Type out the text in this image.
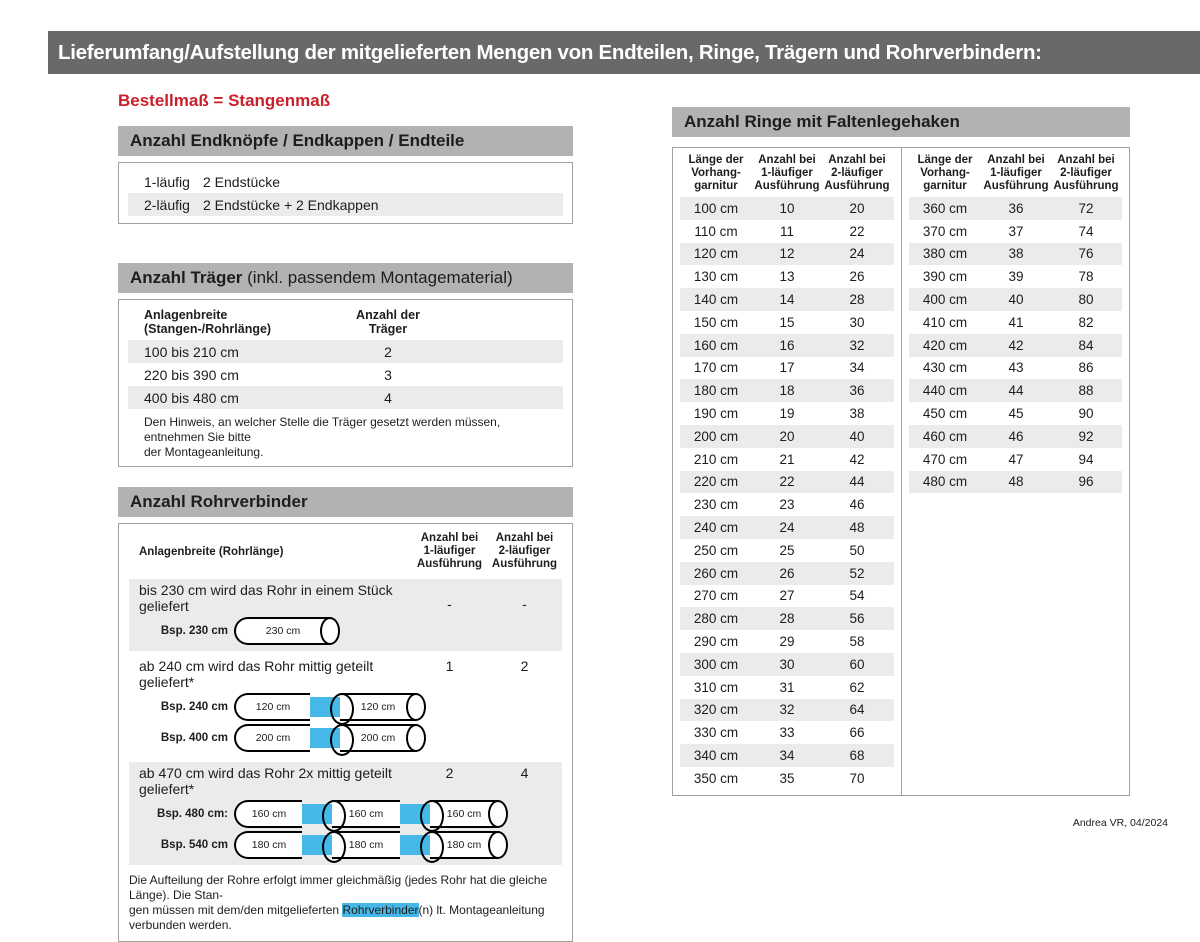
Lieferumfang/Aufstellung der mitgelieferten Mengen von Endteilen, Ringe, Trägern und Rohrverbindern:
Bestellmaß = Stangenmaß
Anzahl Endknöpfe / Endkappen / Endteile
1-läufig 2 Endstücke
2-läufig 2 Endstücke + 2 Endkappen
Anzahl Träger (inkl. passendem Montagematerial)
Anlagenbreite (Stangen-/Rohrlänge)
Anzahl der Träger
100 bis 210 cm	2
220 bis 390 cm	3
400 bis 480 cm	4
Den Hinweis, an welcher Stelle die Träger gesetzt werden müssen, entnehmen Sie bitte
der Montageanleitung.
Anzahl Rohrverbinder
Anlagenbreite (Rohrlänge)
Anzahl bei
1-läufiger
Ausführung
Anzahl bei
2-läufiger
Ausführung
bis 230 cm wird das Rohr in einem Stück geliefert	-	-
Bsp. 230 cm	230 cm
ab 240 cm wird das Rohr mittig geteilt geliefert*
1	2
Bsp. 240 cm	120 cm	120 cm
Bsp. 400 cm	200 cm	200 cm
ab 470 cm wird das Rohr 2x mittig geteilt geliefert*
2	4
Bsp. 480 cm:	160 cm	160 cm	160 cm
Bsp. 540 cm	180 cm	180 cm	180 cm
Die Aufteilung der Rohre erfolgt immer gleichmäßig (jedes Rohr hat die gleiche Länge). Die Stan-
gen müssen mit dem/den mitgelieferten Rohrverbinder(n) lt. Montageanleitung verbunden werden.
Anzahl Ringe mit Faltenlegehaken
Länge der
Vorhang-
garnitur
Anzahl bei
1-läufiger
Ausführung
Anzahl bei
2-läufiger
Ausführung
100 cm	10	20
110 cm	11	22
120 cm	12	24
130 cm	13	26
140 cm	14	28
150 cm	15	30
160 cm	16	32
170 cm	17	34
180 cm	18	36
190 cm	19	38
200 cm	20	40
210 cm	21	42
220 cm	22	44
230 cm	23	46
240 cm	24	48
250 cm	25	50
260 cm	26	52
270 cm	27	54
280 cm	28	56
290 cm	29	58
300 cm	30	60
310 cm	31	62
320 cm	32	64
330 cm	33	66
340 cm	34	68
350 cm	35	70
Länge der
Vorhang-
garnitur
Anzahl bei
1-läufiger
Ausführung
Anzahl bei
2-läufiger
Ausführung
360 cm	36	72
370 cm	37	74
380 cm	38	76
390 cm	39	78
400 cm	40	80
410 cm	41	82
420 cm	42	84
430 cm	43	86
440 cm	44	88
450 cm	45	90
460 cm	46	92
470 cm	47	94
480 cm	48	96
Andrea VR, 04/2024
